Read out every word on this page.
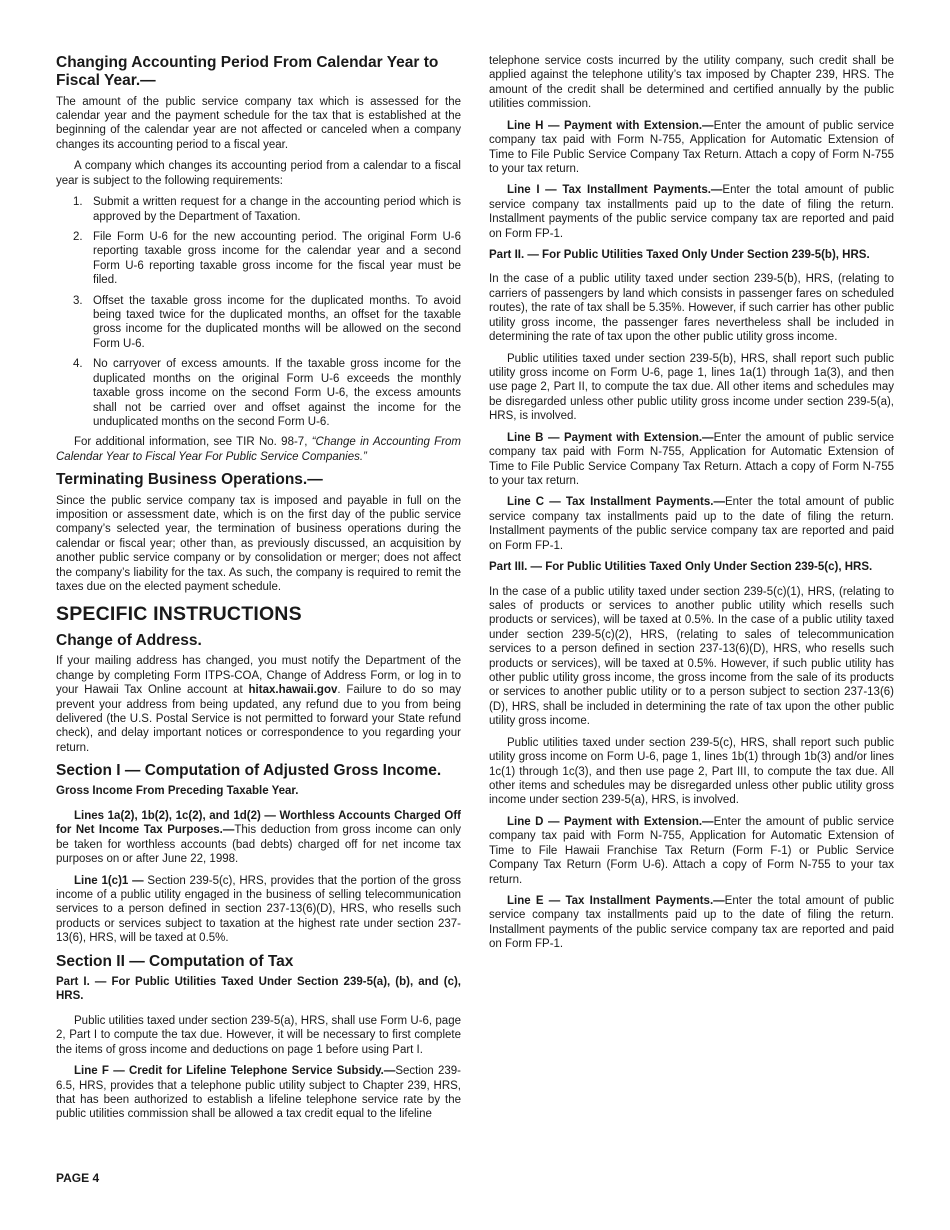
Changing Accounting Period From Calendar Year to Fiscal Year.—

The amount of the public service company tax which is assessed for the calendar year and the payment schedule for the tax that is established at the beginning of the calendar year are not affected or canceled when a company changes its accounting period to a fiscal year.

A company which changes its accounting period from a calendar to a fiscal year is subject to the following requirements:

1. Submit a written request for a change in the accounting period which is approved by the Department of Taxation.
2. File Form U-6 for the new accounting period. The original Form U-6 reporting taxable gross income for the calendar year and a second Form U-6 reporting taxable gross income for the fiscal year must be filed.
3. Offset the taxable gross income for the duplicated months. To avoid being taxed twice for the duplicated months, an offset for the taxable gross income for the duplicated months will be allowed on the second Form U-6.
4. No carryover of excess amounts. If the taxable gross income for the duplicated months on the original Form U-6 exceeds the monthly taxable gross income on the second Form U-6, the excess amounts shall not be carried over and offset against the income for the unduplicated months on the second Form U-6.

For additional information, see TIR No. 98-7, “Change in Accounting From Calendar Year to Fiscal Year For Public Service Companies.”

Terminating Business Operations.—

Since the public service company tax is imposed and payable in full on the imposition or assessment date, which is on the first day of the public service company’s selected year, the termination of business operations during the calendar or fiscal year; other than, as previously discussed, an acquisition by another public service company or by consolidation or merger; does not affect the company’s liability for the tax. As such, the company is required to remit the taxes due on the elected payment schedule.

SPECIFIC INSTRUCTIONS
Change of Address.

If your mailing address has changed, you must notify the Department of the change by completing Form ITPS-COA, Change of Address Form, or log in to your Hawaii Tax Online account at hitax.hawaii.gov. Failure to do so may prevent your address from being updated, any refund due to you from being delivered (the U.S. Postal Service is not permitted to forward your State refund check), and delay important notices or correspondence to you regarding your return.

Section I — Computation of Adjusted Gross Income.
Gross Income From Preceding Taxable Year.

Lines 1a(2), 1b(2), 1c(2), and 1d(2) — Worthless Accounts Charged Off for Net Income Tax Purposes.—This deduction from gross income can only be taken for worthless accounts (bad debts) charged off for net income tax purposes on or after June 22, 1998.

Line 1(c)1 — Section 239-5(c), HRS, provides that the portion of the gross income of a public utility engaged in the business of selling telecommunication services to a person defined in section 237-13(6)(D), HRS, who resells such products or services subject to taxation at the highest rate under section 237-13(6), HRS, will be taxed at 0.5%.

Section II — Computation of Tax
Part I. — For Public Utilities Taxed Under Section 239-5(a), (b), and (c), HRS.

Public utilities taxed under section 239-5(a), HRS, shall use Form U-6, page 2, Part I to compute the tax due. However, it will be necessary to first complete the items of gross income and deductions on page 1 before using Part I.

Line F — Credit for Lifeline Telephone Service Subsidy.—Section 239-6.5, HRS, provides that a telephone public utility subject to Chapter 239, HRS, that has been authorized to establish a lifeline telephone service rate by the public utilities commission shall be allowed a tax credit equal to the lifeline

telephone service costs incurred by the utility company, such credit shall be applied against the telephone utility’s tax imposed by Chapter 239, HRS. The amount of the credit shall be determined and certified annually by the public utilities commission.

Line H — Payment with Extension.—Enter the amount of public service company tax paid with Form N-755, Application for Automatic Extension of Time to File Public Service Company Tax Return. Attach a copy of Form N-755 to your tax return.

Line I — Tax Installment Payments.—Enter the total amount of public service company tax installments paid up to the date of filing the return. Installment payments of the public service company tax are reported and paid on Form FP-1.

Part II. — For Public Utilities Taxed Only Under Section 239-5(b), HRS.

In the case of a public utility taxed under section 239-5(b), HRS, (relating to carriers of passengers by land which consists in passenger fares on scheduled routes), the rate of tax shall be 5.35%. However, if such carrier has other public utility gross income, the passenger fares nevertheless shall be included in determining the rate of tax upon the other public utility gross income.

Public utilities taxed under section 239-5(b), HRS, shall report such public utility gross income on Form U-6, page 1, lines 1a(1) through 1a(3), and then use page 2, Part II, to compute the tax due. All other items and schedules may be disregarded unless other public utility gross income under section 239-5(a), HRS, is involved.

Line B — Payment with Extension.—Enter the amount of public service company tax paid with Form N-755, Application for Automatic Extension of Time to File Public Service Company Tax Return. Attach a copy of Form N-755 to your tax return.

Line C — Tax Installment Payments.—Enter the total amount of public service company tax installments paid up to the date of filing the return. Installment payments of the public service company tax are reported and paid on Form FP-1.

Part III. — For Public Utilities Taxed Only Under Section 239-5(c), HRS.

In the case of a public utility taxed under section 239-5(c)(1), HRS, (relating to sales of products or services to another public utility which resells such products or services), will be taxed at 0.5%. In the case of a public utility taxed under section 239-5(c)(2), HRS, (relating to sales of telecommunication services to a person defined in section 237-13(6)(D), HRS, who resells such products or services), will be taxed at 0.5%. However, if such public utility has other public utility gross income, the gross income from the sale of its products or services to another public utility or to a person subject to section 237-13(6)(D), HRS, shall be included in determining the rate of tax upon the other public utility gross income.

Public utilities taxed under section 239-5(c), HRS, shall report such public utility gross income on Form U-6, page 1, lines 1b(1) through 1b(3) and/or lines 1c(1) through 1c(3), and then use page 2, Part III, to compute the tax due. All other items and schedules may be disregarded unless other public utility gross income under section 239-5(a), HRS, is involved.

Line D — Payment with Extension.—Enter the amount of public service company tax paid with Form N-755, Application for Automatic Extension of Time to File Hawaii Franchise Tax Return (Form F-1) or Public Service Company Tax Return (Form U-6). Attach a copy of Form N-755 to your tax return.

Line E — Tax Installment Payments.—Enter the total amount of public service company tax installments paid up to the date of filing the return. Installment payments of the public service company tax are reported and paid on Form FP-1.

PAGE 4
